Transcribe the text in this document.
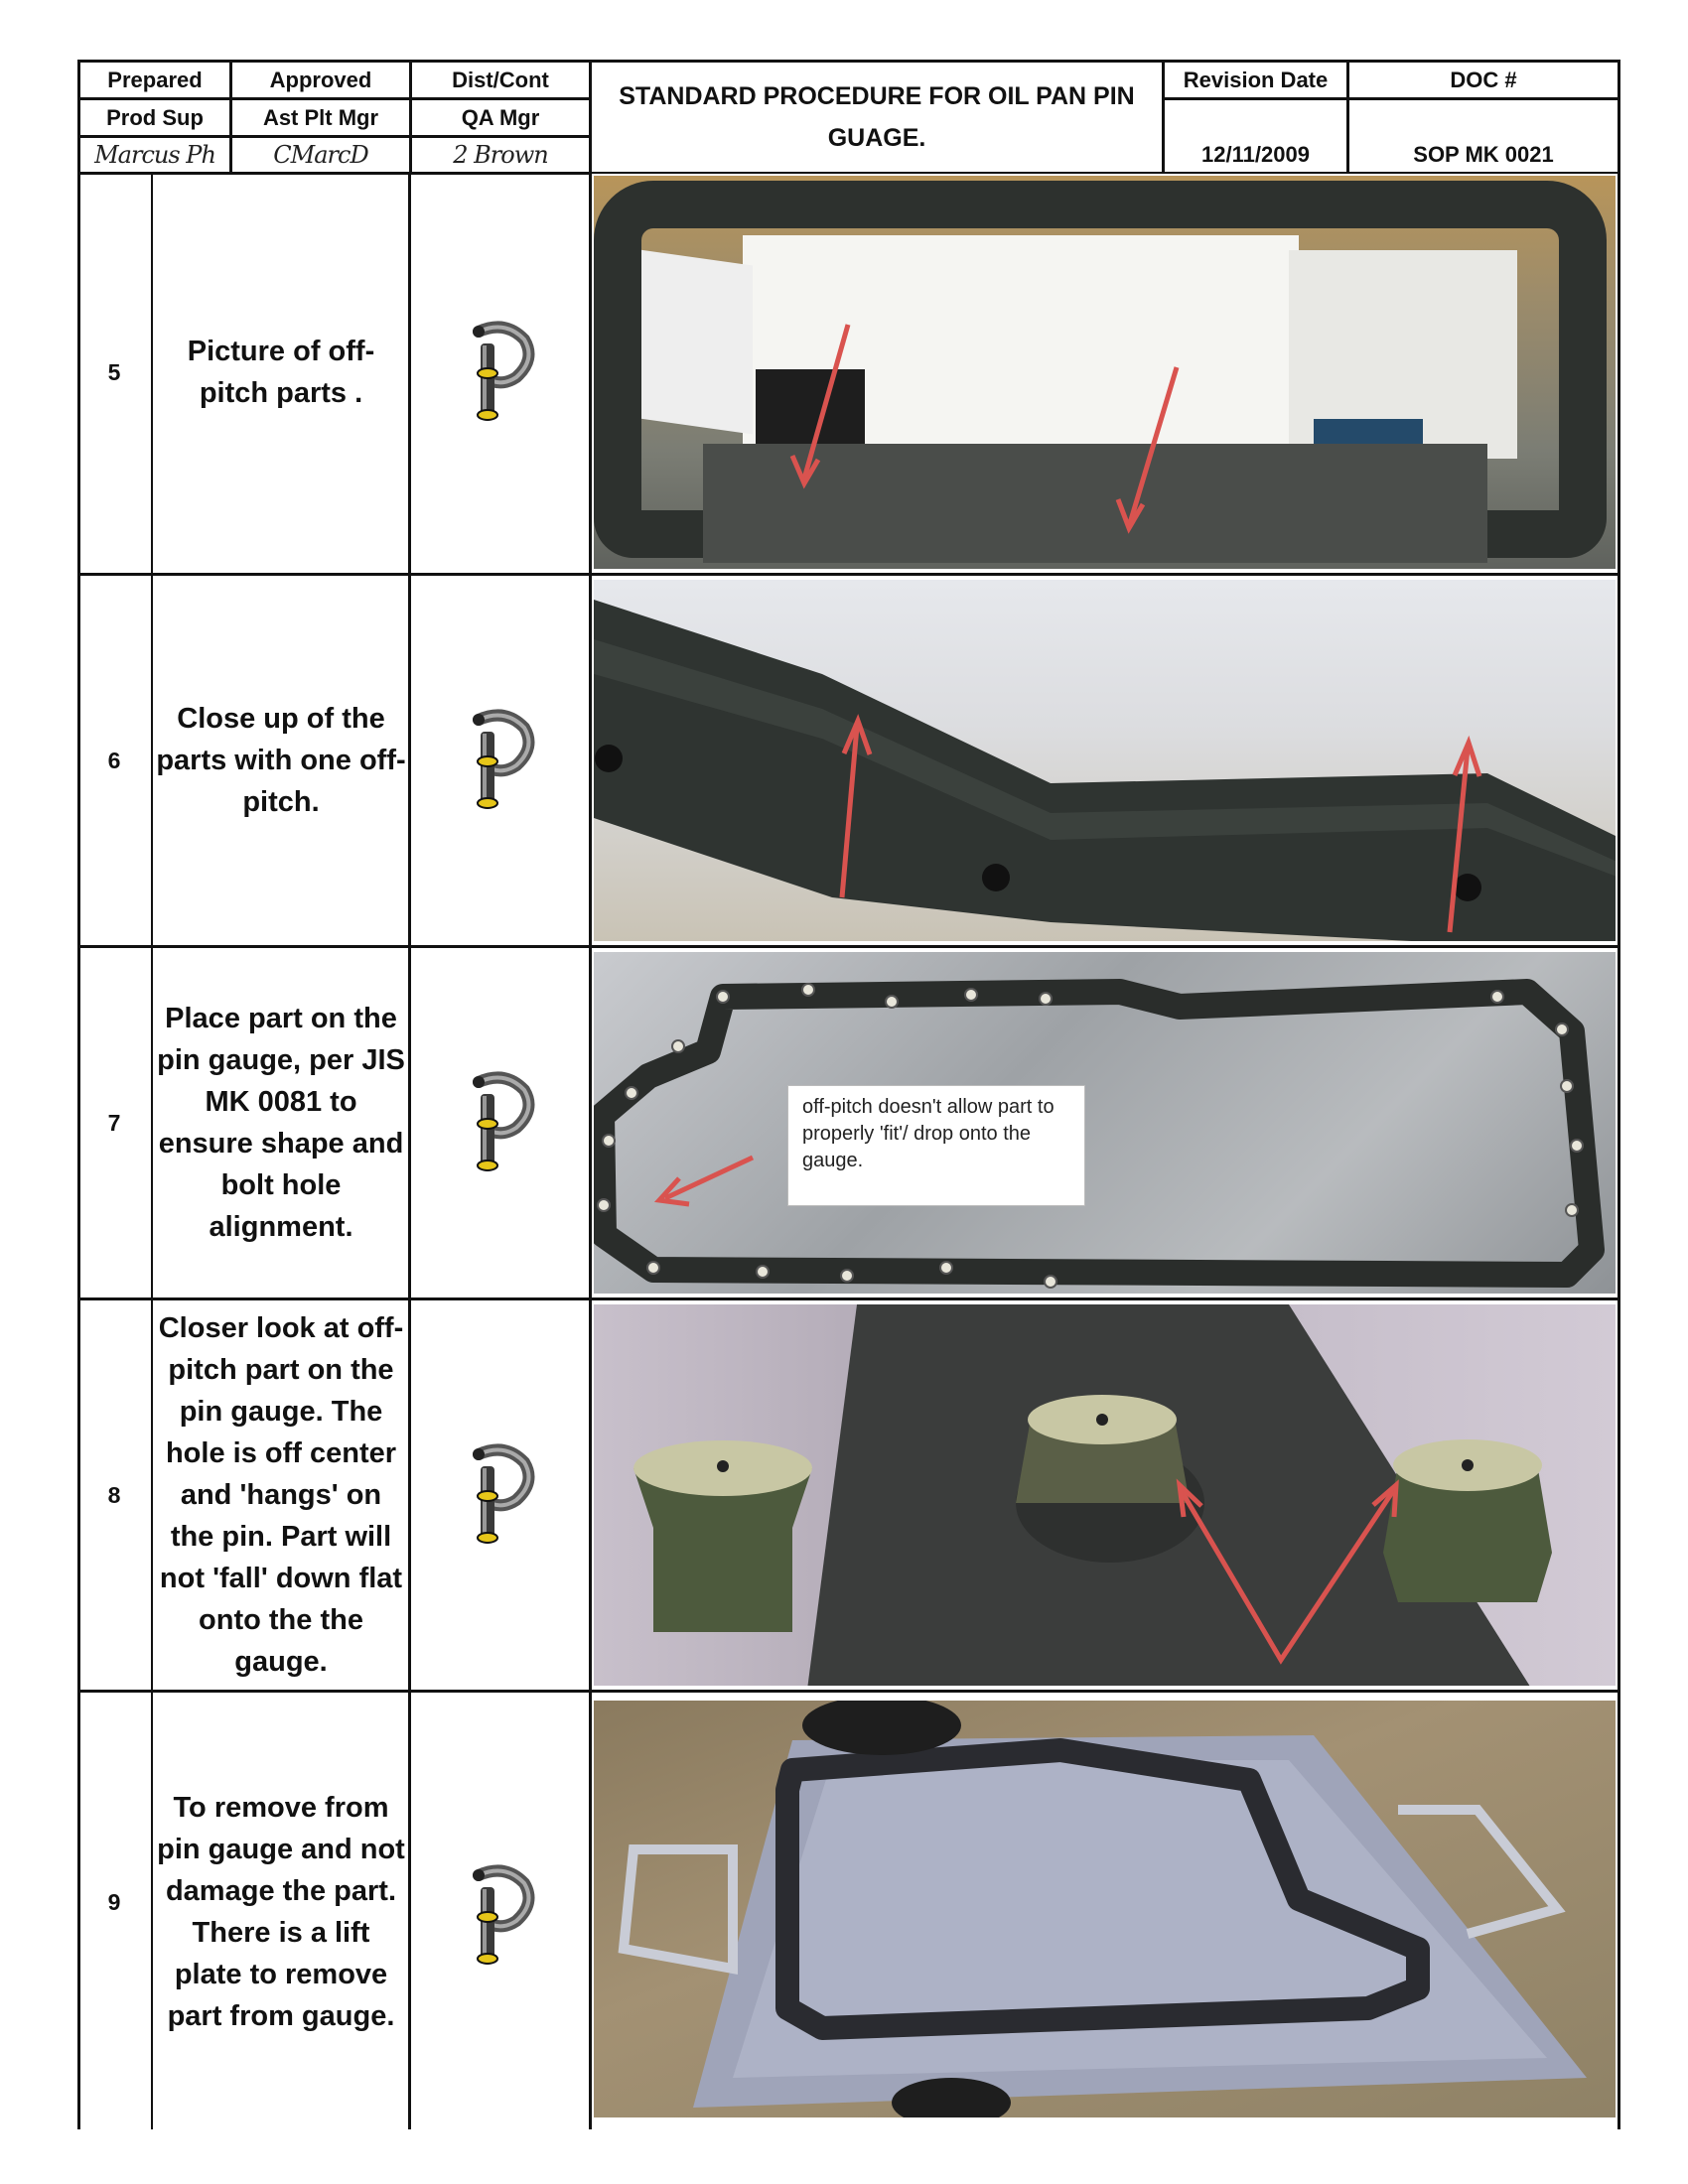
Prepared	Approved	Dist/Cont
Prod Sup	Ast Plt Mgr	QA Mgr
Marcus Ph	CMarcD	2 Brown
STANDARD PROCEDURE FOR OIL PAN PIN GUAGE.
Revision Date	DOC #
12/11/2009	SOP MK 0021
5
Picture of off-pitch parts .
6
Close up of the parts with one off-pitch.
7
Place part on the pin gauge, per JIS MK 0081 to ensure shape and bolt hole alignment.
off-pitch doesn't allow part to properly 'fit'/ drop onto the gauge.
8
Closer look at off-pitch part on the pin gauge. The hole is off center and 'hangs' on the pin. Part will not 'fall' down flat onto the the gauge.
9
To remove from pin gauge and not damage the part. There is a lift plate to remove part from gauge.
